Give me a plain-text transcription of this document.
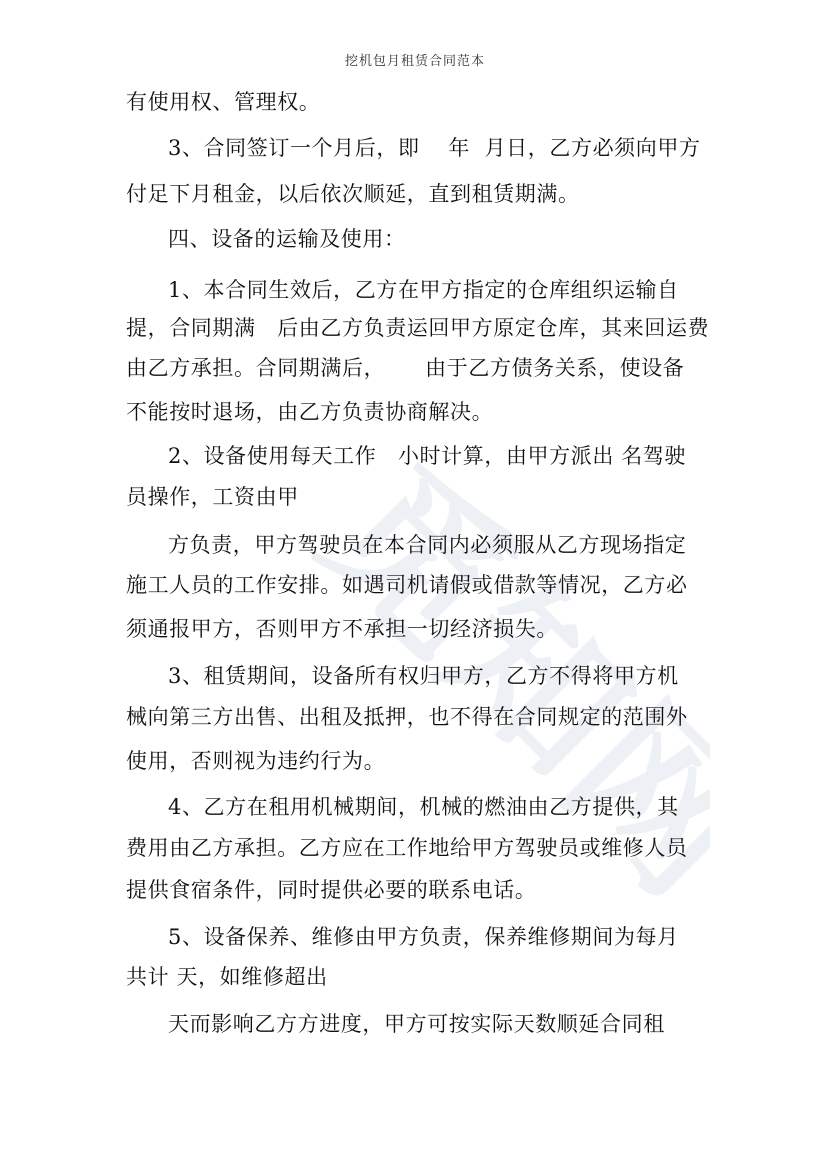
觅知网
挖机包月租赁合同范本
有使用权、管理权。
3、合同签订一个月后，即　 年  月日，乙方必须向甲方
付足下月租金，以后依次顺延，直到租赁期满。
四、设备的运输及使用：
1、本合同生效后，乙方在甲方指定的仓库组织运输自
提，合同期满　后由乙方负责运回甲方原定仓库，其来回运费
由乙方承担。合同期满后，　　 由于乙方债务关系，使设备
不能按时退场，由乙方负责协商解决。
2、设备使用每天工作　小时计算，由甲方派出 名驾驶
员操作，工资由甲
方负责，甲方驾驶员在本合同内必须服从乙方现场指定
施工人员的工作安排。如遇司机请假或借款等情况，乙方必
须通报甲方，否则甲方不承担一切经济损失。
3、租赁期间，设备所有权归甲方，乙方不得将甲方机
械向第三方出售、出租及抵押，也不得在合同规定的范围外
使用，否则视为违约行为。
4、乙方在租用机械期间，机械的燃油由乙方提供，其
费用由乙方承担。乙方应在工作地给甲方驾驶员或维修人员
提供食宿条件，同时提供必要的联系电话。
5、设备保养、维修由甲方负责，保养维修期间为每月
共计 天，如维修超出
天而影响乙方方进度，甲方可按实际天数顺延合同租
